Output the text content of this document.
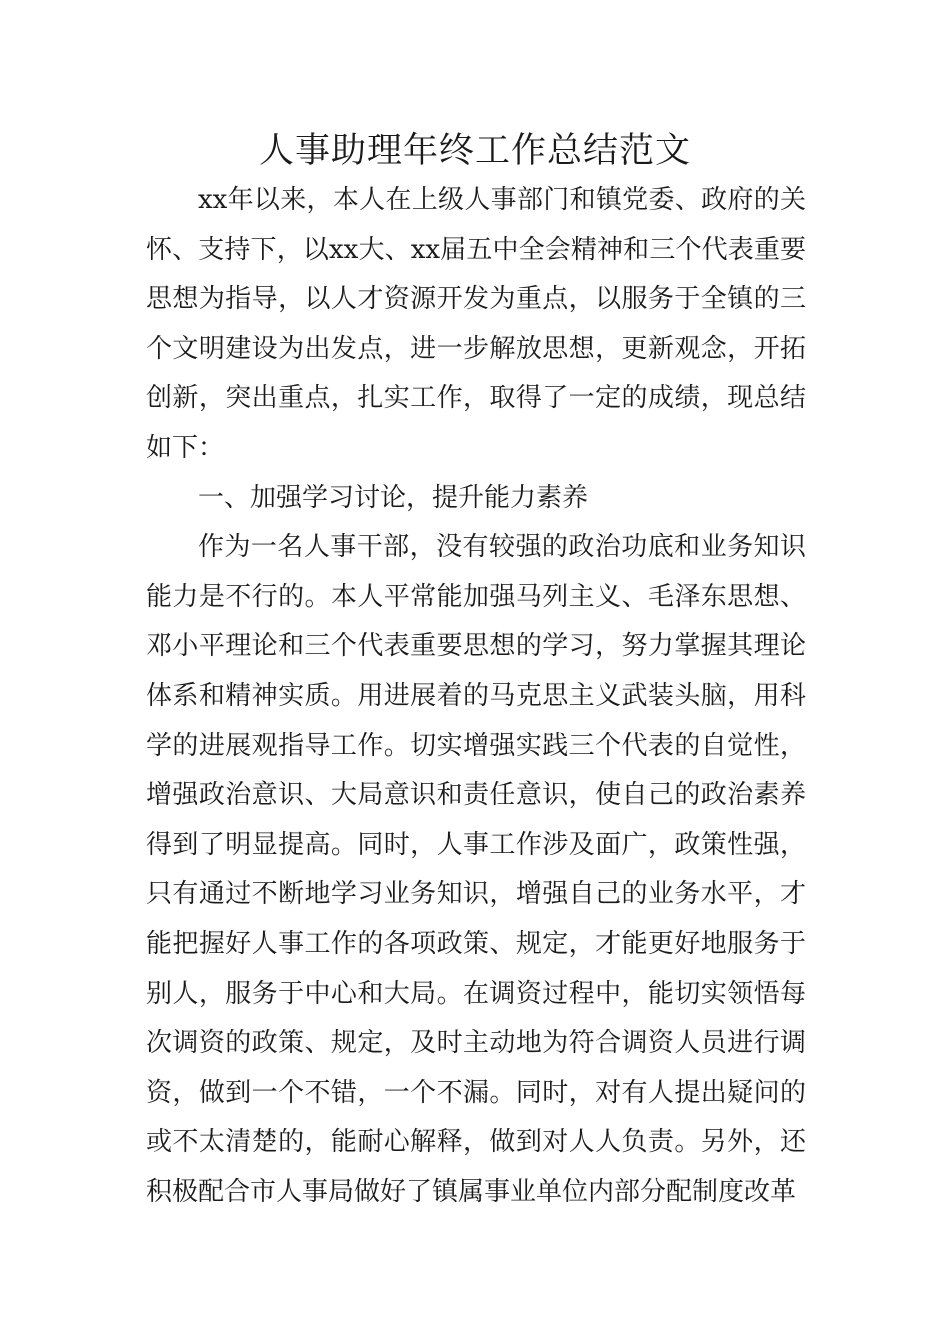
人事助理年终工作总结范文

xx年以来，本人在上级人事部门和镇党委、政府的关怀、支持下，以xx大、xx届五中全会精神和三个代表重要思想为指导，以人才资源开发为重点，以服务于全镇的三个文明建设为出发点，进一步解放思想，更新观念，开拓创新，突出重点，扎实工作，取得了一定的成绩，现总结如下：

一、加强学习讨论，提升能力素养

作为一名人事干部，没有较强的政治功底和业务知识能力是不行的。本人平常能加强马列主义、毛泽东思想、邓小平理论和三个代表重要思想的学习，努力掌握其理论体系和精神实质。用进展着的马克思主义武装头脑，用科学的进展观指导工作。切实增强实践三个代表的自觉性，增强政治意识、大局意识和责任意识，使自己的政治素养得到了明显提高。同时，人事工作涉及面广，政策性强，只有通过不断地学习业务知识，增强自己的业务水平，才能把握好人事工作的各项政策、规定，才能更好地服务于别人，服务于中心和大局。在调资过程中，能切实领悟每次调资的政策、规定，及时主动地为符合调资人员进行调资，做到一个不错，一个不漏。同时，对有人提出疑问的或不太清楚的，能耐心解释，做到对人人负责。另外，还积极配合市人事局做好了镇属事业单位内部分配制度改革
